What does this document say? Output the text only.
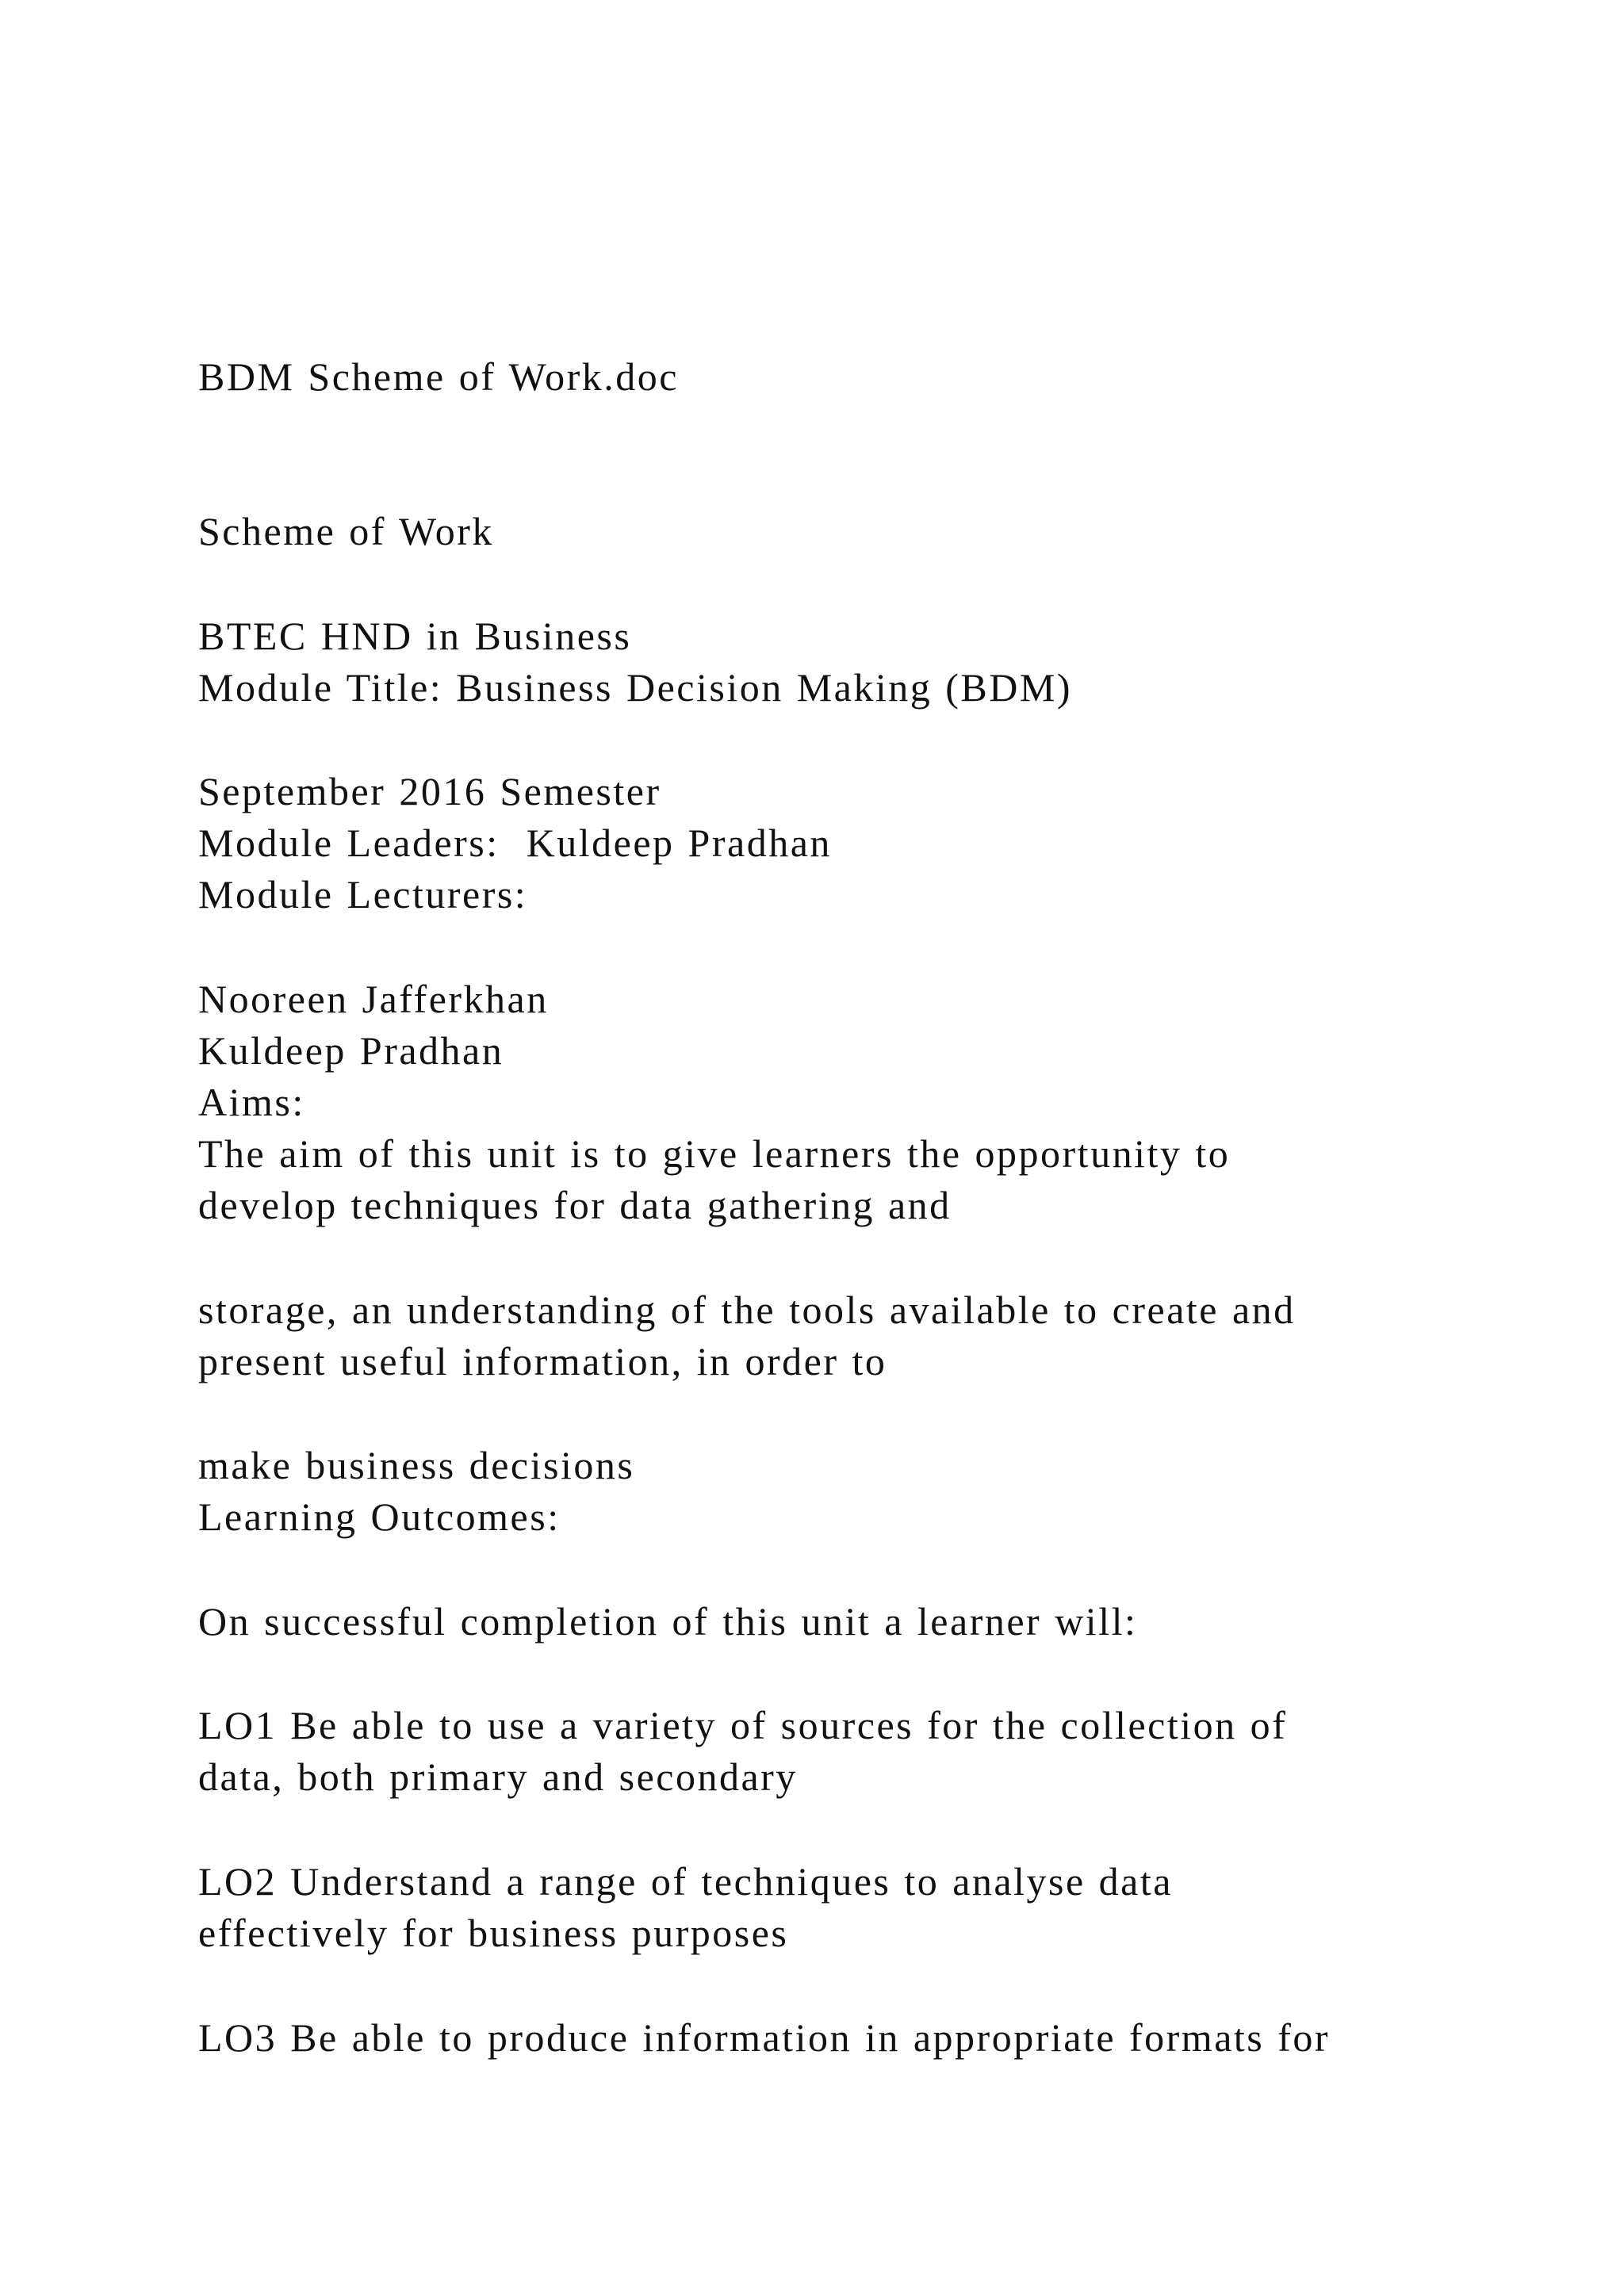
BDM Scheme of Work.doc

Scheme of Work

BTEC HND in Business

Module Title: Business Decision Making (BDM)

September 2016 Semester

Module Leaders:  Kuldeep Pradhan

Module Lecturers:

Nooreen Jafferkhan

Kuldeep Pradhan

Aims:

The aim of this unit is to give learners the opportunity to

develop techniques for data gathering and

storage, an understanding of the tools available to create and

present useful information, in order to

make business decisions

Learning Outcomes:

On successful completion of this unit a learner will:

LO1 Be able to use a variety of sources for the collection of

data, both primary and secondary

LO2 Understand a range of techniques to analyse data

effectively for business purposes

LO3 Be able to produce information in appropriate formats for
